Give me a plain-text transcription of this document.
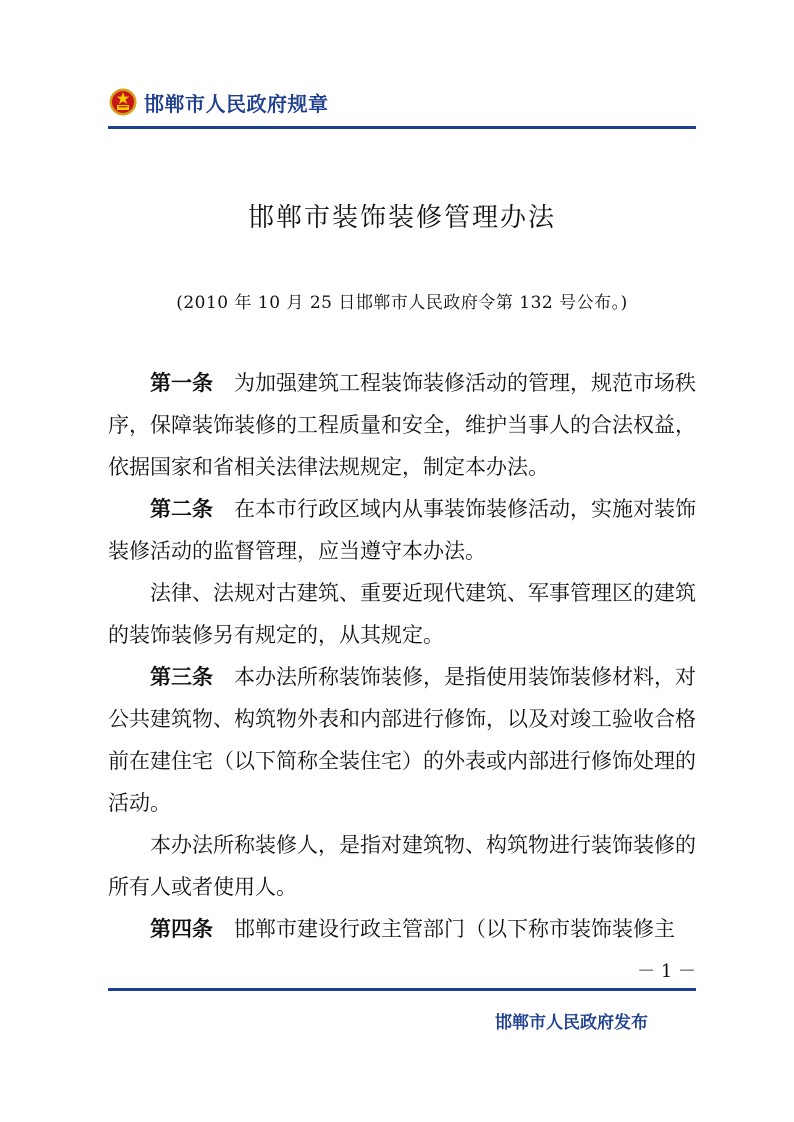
邯郸市人民政府规章
邯郸市装饰装修管理办法
(2010 年 10 月 25 日邯郸市人民政府令第 132 号公布。)

第一条 为加强建筑工程装饰装修活动的管理，规范市场秩序，保障装饰装修的工程质量和安全，维护当事人的合法权益，依据国家和省相关法律法规规定，制定本办法。

第二条 在本市行政区域内从事装饰装修活动，实施对装饰装修活动的监督管理，应当遵守本办法。

法律、法规对古建筑、重要近现代建筑、军事管理区的建筑的装饰装修另有规定的，从其规定。

第三条 本办法所称装饰装修，是指使用装饰装修材料，对公共建筑物、构筑物外表和内部进行修饰，以及对竣工验收合格前在建住宅（以下简称全装住宅）的外表或内部进行修饰处理的活动。

本办法所称装修人，是指对建筑物、构筑物进行装饰装修的所有人或者使用人。

第四条 邯郸市建设行政主管部门（以下称市装饰装修主

－ 1 －
邯郸市人民政府发布
